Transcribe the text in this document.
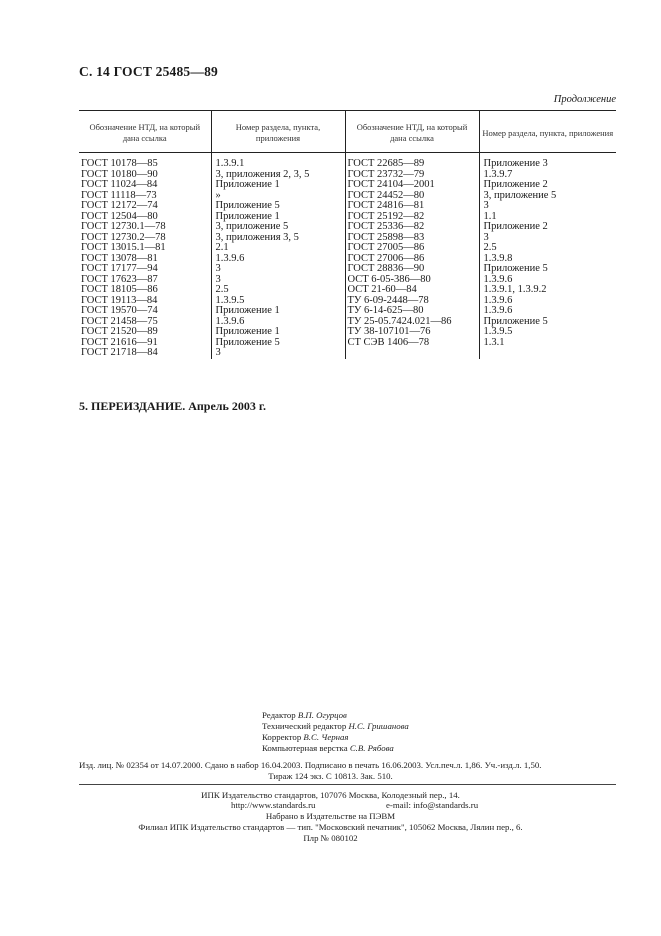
С. 14 ГОСТ 25485—89
Продолжение
Обозначение НТД, на который дана ссылка	Номер раздела, пункта, приложения	Обозначение НТД, на который дана ссылка	Номер раздела, пункта, приложения
ГОСТ 10178—85	1.3.9.1	ГОСТ 22685—89	Приложение 3
ГОСТ 10180—90	3, приложения 2, 3, 5	ГОСТ 23732—79	1.3.9.7
ГОСТ 11024—84	Приложение 1	ГОСТ 24104—2001	Приложение 2
ГОСТ 11118—73	»	ГОСТ 24452—80	3, приложение 5
ГОСТ 12172—74	Приложение 5	ГОСТ 24816—81	3
ГОСТ 12504—80	Приложение 1	ГОСТ 25192—82	1.1
ГОСТ 12730.1—78	3, приложение 5	ГОСТ 25336—82	Приложение 2
ГОСТ 12730.2—78	3, приложения 3, 5	ГОСТ 25898—83	3
ГОСТ 13015.1—81	2.1	ГОСТ 27005—86	2.5
ГОСТ 13078—81	1.3.9.6	ГОСТ 27006—86	1.3.9.8
ГОСТ 17177—94	3	ГОСТ 28836—90	Приложение 5
ГОСТ 17623—87	3	ОСТ 6-05-386—80	1.3.9.6
ГОСТ 18105—86	2.5	ОСТ 21-60—84	1.3.9.1, 1.3.9.2
ГОСТ 19113—84	1.3.9.5	ТУ 6-09-2448—78	1.3.9.6
ГОСТ 19570—74	Приложение 1	ТУ 6-14-625—80	1.3.9.6
ГОСТ 21458—75	1.3.9.6	ТУ 25-05.7424.021—86	Приложение 5
ГОСТ 21520—89	Приложение 1	ТУ 38-107101—76	1.3.9.5
ГОСТ 21616—91	Приложение 5	СТ СЭВ 1406—78	1.3.1
ГОСТ 21718—84	3		
5. ПЕРЕИЗДАНИЕ. Апрель 2003 г.
Редактор В.П. Огурцов
Технический редактор Н.С. Гришанова
Корректор В.С. Черная
Компьютерная верстка С.В. Рябова
Изд. лиц. № 02354 от 14.07.2000. Сдано в набор 16.04.2003. Подписано в печать 16.06.2003. Усл.печ.л. 1,86. Уч.-изд.л. 1,50.
Тираж 124 экз. С 10813. Зак. 510.
ИПК Издательство стандартов, 107076 Москва, Колодезный пер., 14.
http://www.standards.ru	e-mail: info@standards.ru
Набрано в Издательстве на ПЭВМ
Филиал ИПК Издательство стандартов — тип. "Московский печатник", 105062 Москва, Лялин пер., 6.
Плр № 080102
